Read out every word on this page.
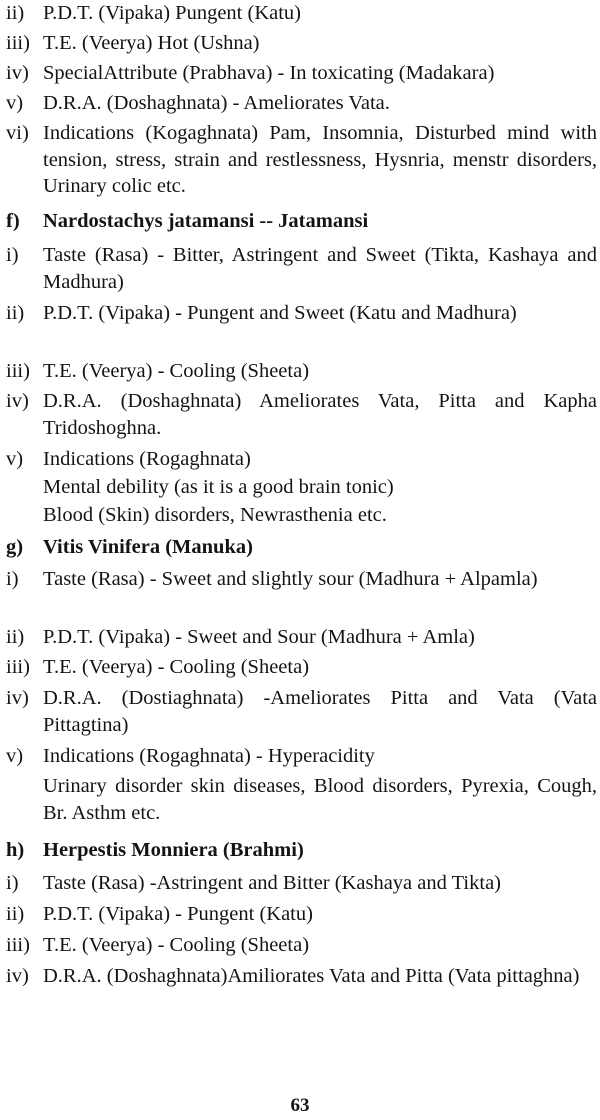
ii) P.D.T. (Vipaka) Pungent (Katu)
iii) T.E. (Veerya) Hot (Ushna)
iv) SpecialAttribute (Prabhava) - In toxicating (Madakara)
v) D.R.A. (Doshaghnata) - Ameliorates Vata.
vi) Indications (Kogaghnata) Pam, Insomnia, Disturbed mind with tension, stress, strain and restlessness, Hysnria, menstr disorders, Urinary colic etc.
f) Nardostachys jatamansi -- Jatamansi
i) Taste (Rasa) - Bitter, Astringent and Sweet (Tikta, Kashaya and Madhura)
ii) P.D.T. (Vipaka) - Pungent and Sweet (Katu and Madhura)
iii) T.E. (Veerya) - Cooling (Sheeta)
iv) D.R.A. (Doshaghnata) Ameliorates Vata, Pitta and Kapha Tridoshoghna.
v) Indications (Rogaghnata)
Mental debility (as it is a good brain tonic)
Blood (Skin) disorders, Newrasthenia etc.
g) Vitis Vinifera (Manuka)
i) Taste (Rasa) - Sweet and slightly sour (Madhura + Alpamla)
ii) P.D.T. (Vipaka) - Sweet and Sour (Madhura + Amla)
iii) T.E. (Veerya) - Cooling (Sheeta)
iv) D.R.A. (Dostiaghnata) -Ameliorates Pitta and Vata (Vata Pittagtina)
v) Indications (Rogaghnata) - Hyperacidity
Urinary disorder skin diseases, Blood disorders, Pyrexia, Cough, Br. Asthm etc.
h) Herpestis Monniera (Brahmi)
i) Taste (Rasa) -Astringent and Bitter (Kashaya and Tikta)
ii) P.D.T. (Vipaka) - Pungent (Katu)
iii) T.E. (Veerya) - Cooling (Sheeta)
iv) D.R.A. (Doshaghnata)Amiliorates Vata and Pitta (Vata pittaghna)
63
